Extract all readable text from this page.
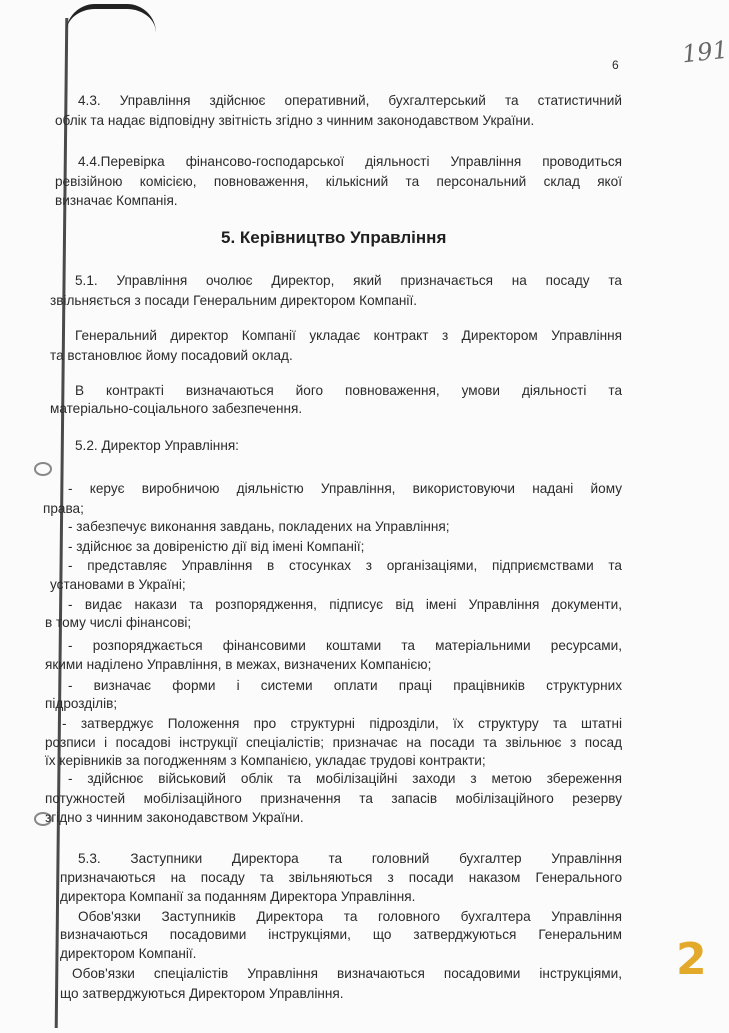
6	191
2
5. Керівництво Управління
4.3. Управління здійснює оперативний, бухгалтерський та статистичний
облік та надає відповідну звітність згідно з чинним законодавством України.
4.4.Перевірка фінансово-господарської діяльності Управління проводиться
ревізійною комісією, повноваження, кількісний та персональний склад якої
визначає Компанія.
5.1. Управління очолює Директор, який призначається на посаду та
звільняється з посади Генеральним директором Компанії.
Генеральний директор Компанії укладає контракт з Директором Управління
та встановлює йому посадовий оклад.
В контракті визначаються його повноваження, умови діяльності та
матеріально-соціального забезпечення.
5.2. Директор Управління:
- керує виробничою діяльністю Управління, використовуючи надані йому
права;
- забезпечує виконання завдань, покладених на Управління;
- здійснює за довіреністю дії від імені Компанії;
- представляє Управління в стосунках з організаціями, підприємствами та
установами в Україні;
- видає накази та розпорядження, підписує від імені Управління документи,
в тому числі фінансові;
- розпоряджається фінансовими коштами та матеріальними ресурсами,
якими наділено Управління, в межах, визначених Компанією;
- визначає форми і системи оплати праці працівників структурних
підрозділів;
- затверджує Положення про структурні підрозділи, їх структуру та штатні
розписи і посадові інструкції спеціалістів; призначає на посади та звільнює з посад
їх керівників за погодженням з Компанією, укладає трудові контракти;
- здійснює військовий облік та мобілізаційні заходи з метою збереження
потужностей мобілізаційного призначення та запасів мобілізаційного резерву
згідно з чинним законодавством України.
5.3. Заступники Директора та головний бухгалтер Управління
призначаються на посаду та звільняються з посади наказом Генерального
директора Компанії за поданням Директора Управління.
Обов'язки Заступників Директора та головного бухгалтера Управління
визначаються посадовими інструкціями, що затверджуються Генеральним
директором Компанії.
Обов'язки спеціалістів Управління визначаються посадовими інструкціями,
що затверджуються Директором Управління.
